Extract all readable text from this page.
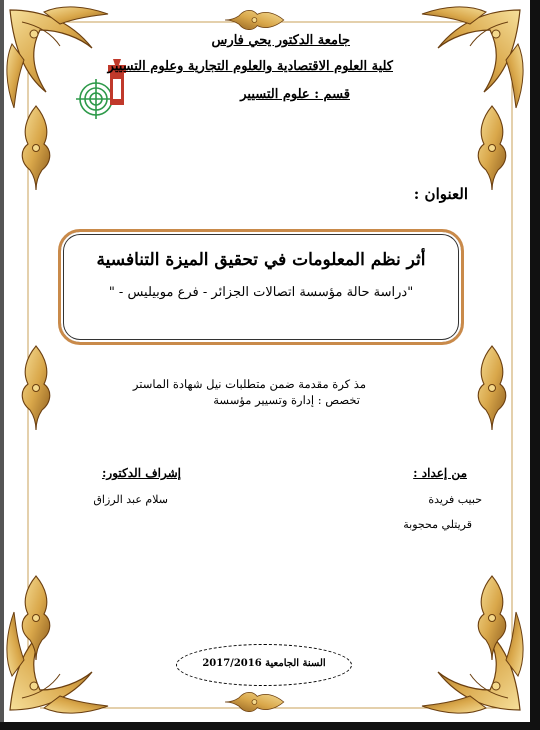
جامعة الدكتور يحي فارس
كلية العلوم الاقتصادية والعلوم التجارية وعلوم التسيير
قسم : علوم التسيير
العنوان :
أثر نظم المعلومات في تحقيق الميزة التنافسية
"دراسة حالة مؤسسة اتصالات الجزائر - فرع موبيليس - "
مذ كرة مقدمة ضمن متطلبات نيل شهادة الماستر
تخصص : إدارة وتسيير مؤسسة
من إعداد :
إشراف الدكتور:
حبيب فريدة
قريتلي محجوبة
سلام عبد الرزاق
السنة الجامعية 2017/2016
